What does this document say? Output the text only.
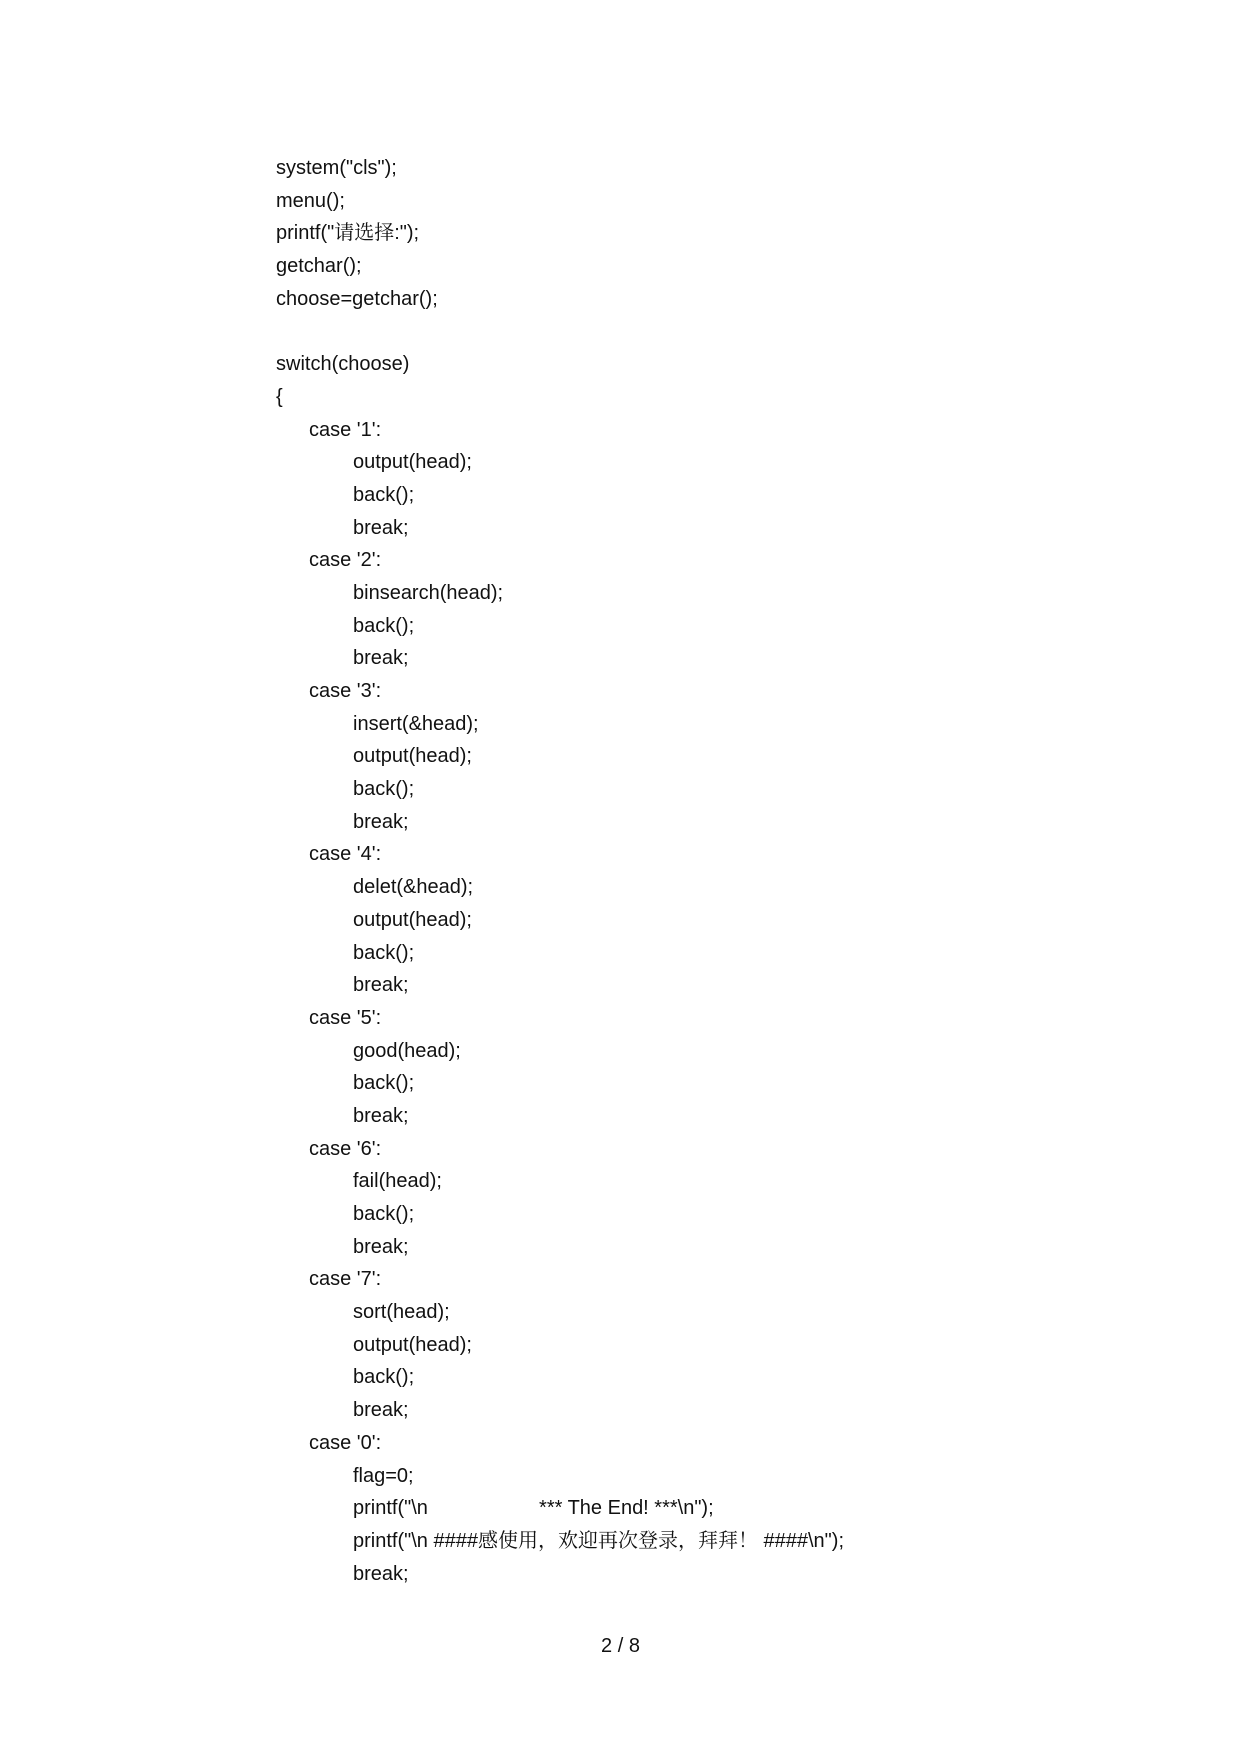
system("cls");
menu();
printf("请选择:");
getchar();
choose=getchar();
switch(choose)
{
case '1':
output(head);
back();
break;
case '2':
binsearch(head);
back();
break;
case '3':
insert(&head);
output(head);
back();
break;
case '4':
delet(&head);
output(head);
back();
break;
case '5':
good(head);
back();
break;
case '6':
fail(head);
back();
break;
case '7':
sort(head);
output(head);
back();
break;
case '0':
flag=0;
printf("\n                    *** The End! ***\n");
printf("\n ####感使用，欢迎再次登录，拜拜！ ####\n");
break;
2 / 8
